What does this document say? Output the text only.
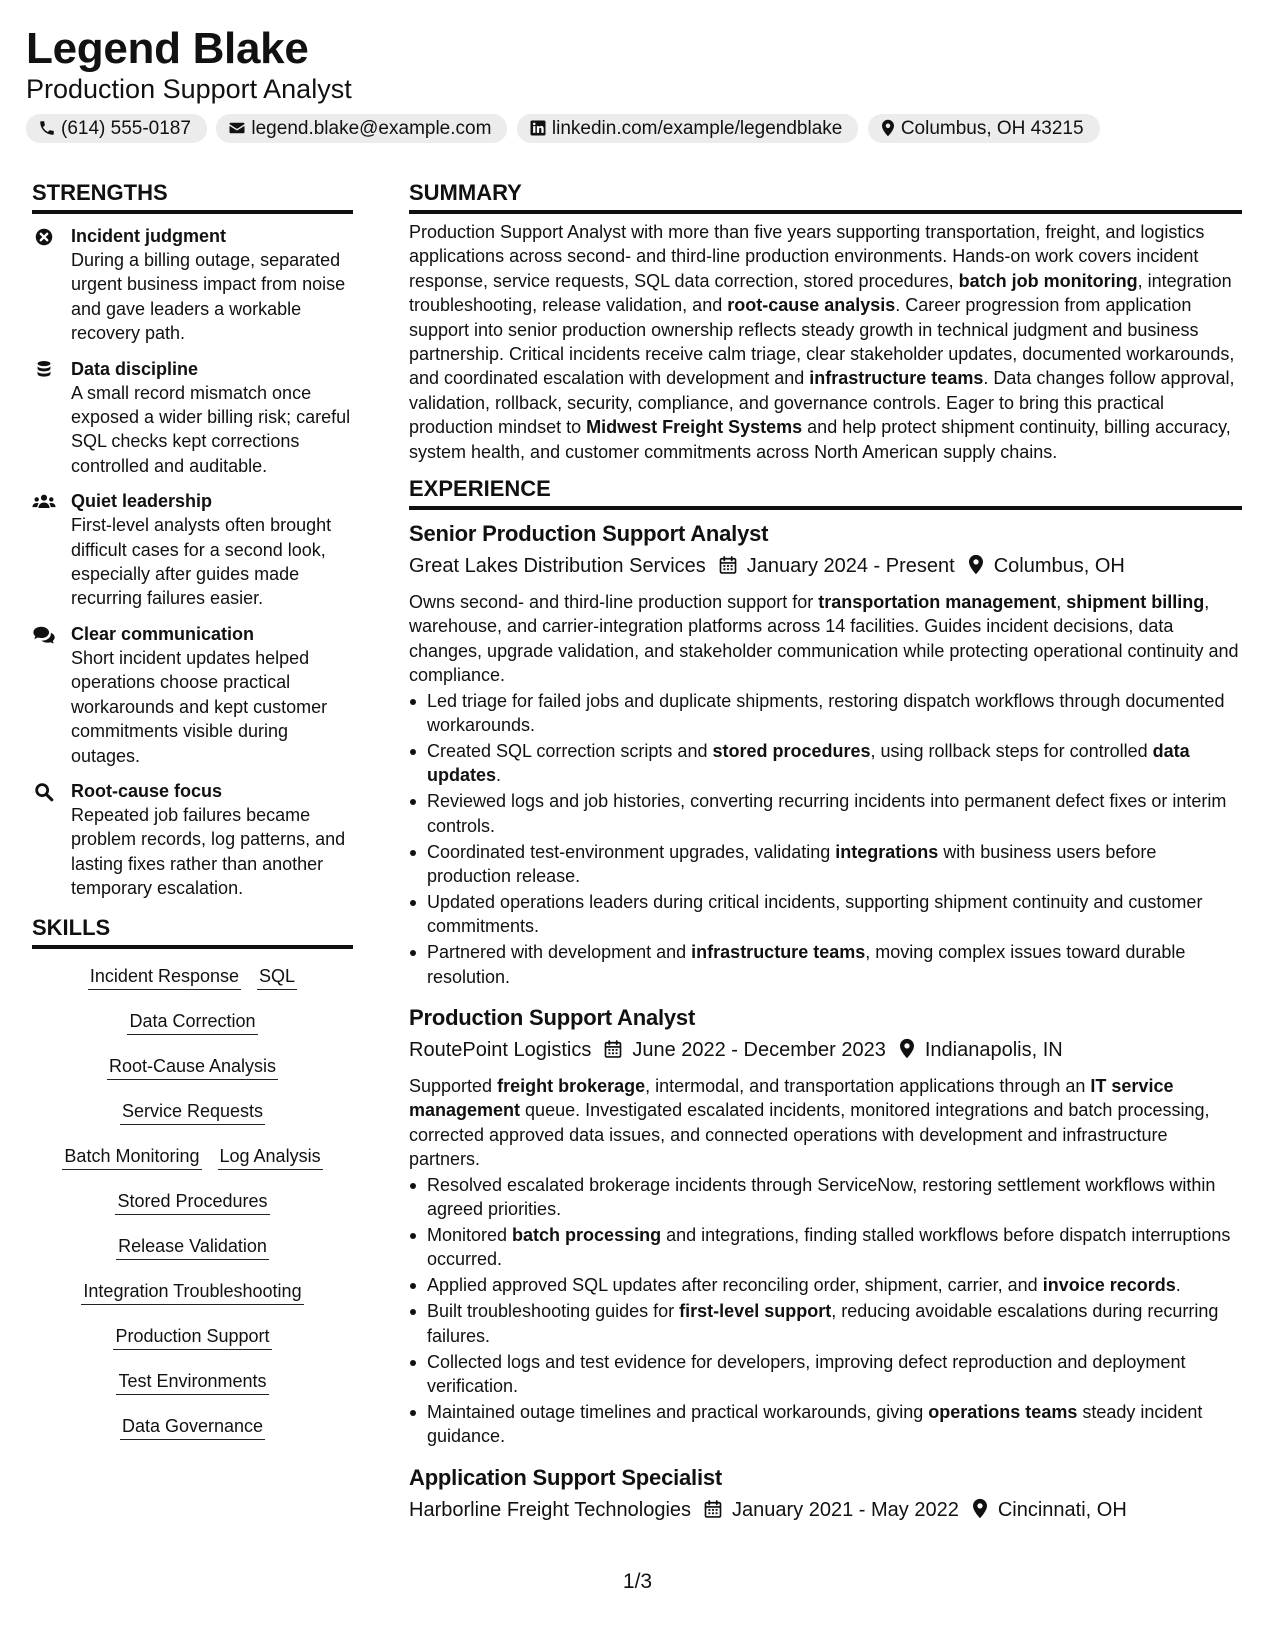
Legend Blake
Production Support Analyst
(614) 555-0187	legend.blake@example.com	linkedin.com/example/legendblake	Columbus, OH 43215
STRENGTHS
Incident judgment
During a billing outage, separated urgent business impact from noise and gave leaders a workable recovery path.
Data discipline
A small record mismatch once exposed a wider billing risk; careful SQL checks kept corrections controlled and auditable.
Quiet leadership
First-level analysts often brought difficult cases for a second look, especially after guides made recurring failures easier.
Clear communication
Short incident updates helped operations choose practical workarounds and kept customer commitments visible during outages.
Root-cause focus
Repeated job failures became problem records, log patterns, and lasting fixes rather than another temporary escalation.
SKILLS
Incident Response SQL
Data Correction
Root-Cause Analysis
Service Requests
Batch Monitoring Log Analysis
Stored Procedures
Release Validation
Integration Troubleshooting
Production Support
Test Environments
Data Governance
SUMMARY
Production Support Analyst with more than five years supporting transportation, freight, and logistics applications across second- and third-line production environments. Hands-on work covers incident response, service requests, SQL data correction, stored procedures, batch job monitoring, integration troubleshooting, release validation, and root-cause analysis. Career progression from application support into senior production ownership reflects steady growth in technical judgment and business partnership. Critical incidents receive calm triage, clear stakeholder updates, documented workarounds, and coordinated escalation with development and infrastructure teams. Data changes follow approval, validation, rollback, security, compliance, and governance controls. Eager to bring this practical production mindset to Midwest Freight Systems and help protect shipment continuity, billing accuracy, system health, and customer commitments across North American supply chains.
EXPERIENCE
Senior Production Support Analyst
Great Lakes Distribution Services January 2024 - Present Columbus, OH
Owns second- and third-line production support for transportation management, shipment billing, warehouse, and carrier-integration platforms across 14 facilities. Guides incident decisions, data changes, upgrade validation, and stakeholder communication while protecting operational continuity and compliance.
Led triage for failed jobs and duplicate shipments, restoring dispatch workflows through documented workarounds.
Created SQL correction scripts and stored procedures, using rollback steps for controlled data updates.
Reviewed logs and job histories, converting recurring incidents into permanent defect fixes or interim controls.
Coordinated test-environment upgrades, validating integrations with business users before production release.
Updated operations leaders during critical incidents, supporting shipment continuity and customer commitments.
Partnered with development and infrastructure teams, moving complex issues toward durable resolution.
Production Support Analyst
RoutePoint Logistics June 2022 - December 2023 Indianapolis, IN
Supported freight brokerage, intermodal, and transportation applications through an IT service management queue. Investigated escalated incidents, monitored integrations and batch processing, corrected approved data issues, and connected operations with development and infrastructure partners.
Resolved escalated brokerage incidents through ServiceNow, restoring settlement workflows within agreed priorities.
Monitored batch processing and integrations, finding stalled workflows before dispatch interruptions occurred.
Applied approved SQL updates after reconciling order, shipment, carrier, and invoice records.
Built troubleshooting guides for first-level support, reducing avoidable escalations during recurring failures.
Collected logs and test evidence for developers, improving defect reproduction and deployment verification.
Maintained outage timelines and practical workarounds, giving operations teams steady incident guidance.
Application Support Specialist
Harborline Freight Technologies January 2021 - May 2022 Cincinnati, OH
1/3
